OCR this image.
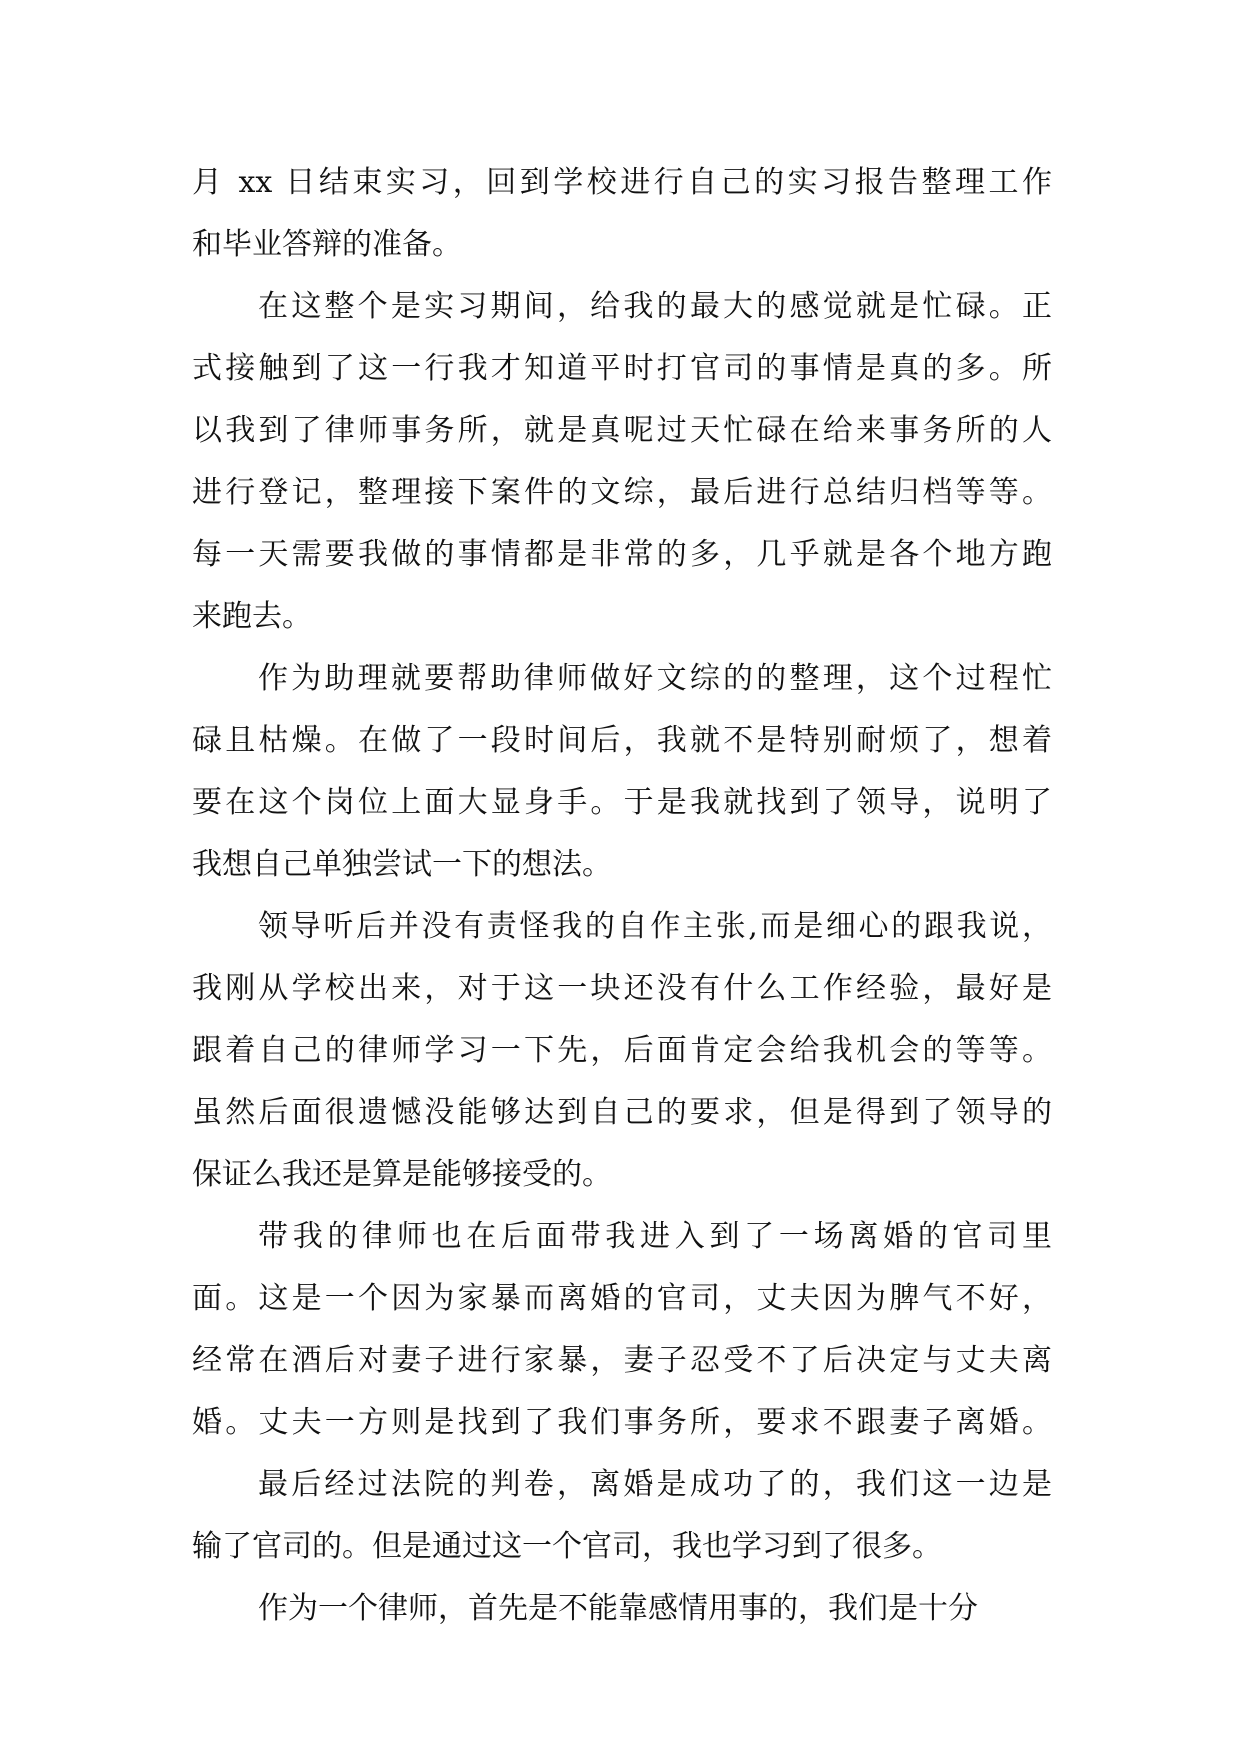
月 xx 日结束实习，回到学校进行自己的实习报告整理工作
和毕业答辩的准备。
在这整个是实习期间，给我的最大的感觉就是忙碌。正
式接触到了这一行我才知道平时打官司的事情是真的多。所
以我到了律师事务所，就是真呢过天忙碌在给来事务所的人
进行登记，整理接下案件的文综，最后进行总结归档等等。
每一天需要我做的事情都是非常的多，几乎就是各个地方跑
来跑去。
作为助理就要帮助律师做好文综的的整理，这个过程忙
碌且枯燥。在做了一段时间后，我就不是特别耐烦了，想着
要在这个岗位上面大显身手。于是我就找到了领导，说明了
我想自己单独尝试一下的想法。
领导听后并没有责怪我的自作主张,而是细心的跟我说，
我刚从学校出来，对于这一块还没有什么工作经验，最好是
跟着自己的律师学习一下先，后面肯定会给我机会的等等。
虽然后面很遗憾没能够达到自己的要求，但是得到了领导的
保证么我还是算是能够接受的。
带我的律师也在后面带我进入到了一场离婚的官司里
面。这是一个因为家暴而离婚的官司，丈夫因为脾气不好，
经常在酒后对妻子进行家暴，妻子忍受不了后决定与丈夫离
婚。丈夫一方则是找到了我们事务所，要求不跟妻子离婚。
最后经过法院的判卷，离婚是成功了的，我们这一边是
输了官司的。但是通过这一个官司，我也学习到了很多。
作为一个律师，首先是不能靠感情用事的，我们是十分
